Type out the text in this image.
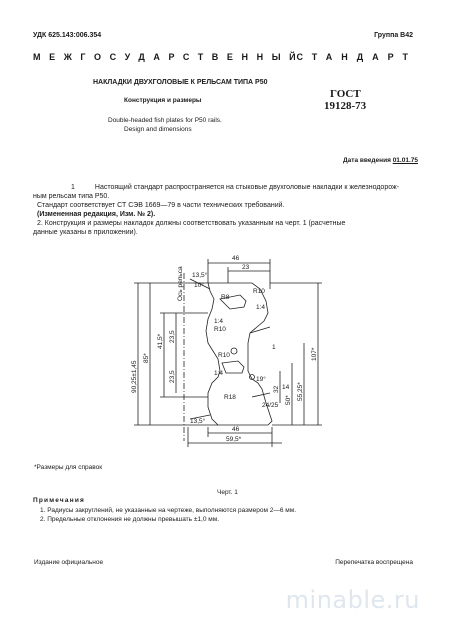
УДК 625.143:006.354	Группа В42
МЕЖГОСУДАРСТВЕННЫЙ
СТАНДАРТ
НАКЛАДКИ ДВУХГОЛОВЫЕ К РЕЛЬСАМ ТИПА Р50
ГОСТ
19128-73
Конструкция и размеры
Double-headed fish plates for P50 rails.
Design and dimensions
Дата введения 01.01.75
1	Настоящий стандарт распространяется на стыковые двухголовые накладки к железнодорож-
ным рельсам типа Р50.
Стандарт соответствует СТ СЭВ 1669—79 в части технических требований.
(Измененная редакция, Изм. № 2).
2. Конструкция и размеры накладок должны соответствовать указанным на черт. 1 (расчетные
данные указаны в приложении).
46
23
13,5°
10°
R8
R10
R10
R10
R18
1:4
1:4
1:4
19°
24/25
46
59,5*
13,5°
14
1
90,25±1,45
85*
41,5* 23,5
23,5
Ось рельса
107*
55,25*
50*
32
*Размеры для справок
Черт. 1
Примечания
1. Радиусы закруглений, не указанные на чертеже, выполняются размером 2—6 мм.
2. Предельные отклонения не должны превышать ±1,0 мм.
Издание официальное	Перепечатка воспрещена
minable.ru
